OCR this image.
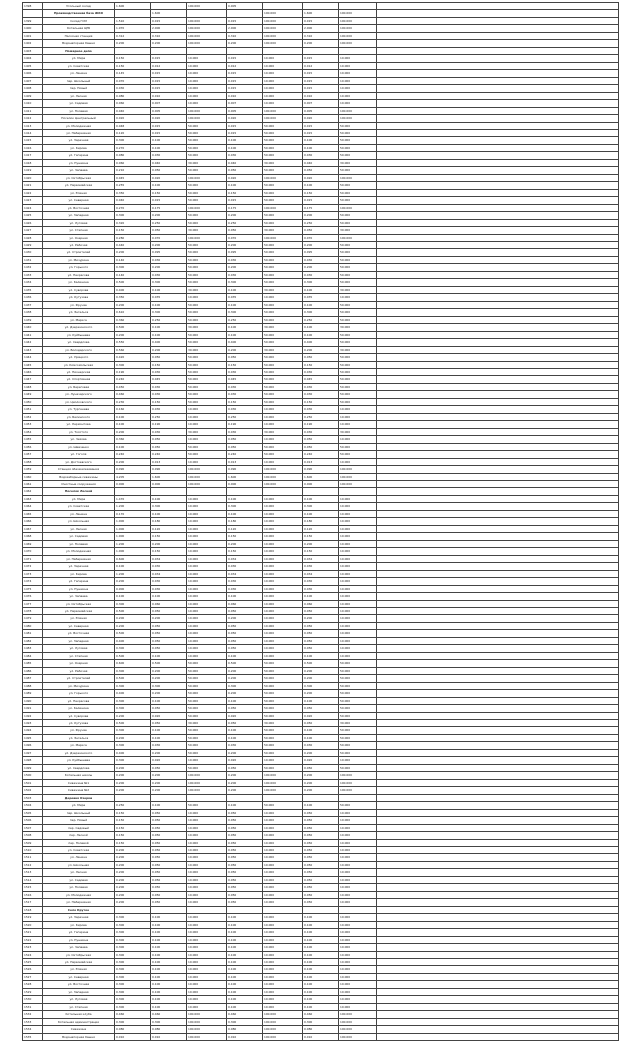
1398	Угольный склад	1.600		100.000	0.005				
	Производственная база ЖКХ		1.600			100.000	1.600	100.000	
1399	Склад ГСМ	1.510	0.015	100.000	0.015	100.000	0.015	100.000	
1400	Котельная ЦРБ	1.970	2.000	100.000	2.000	100.000	2.000	100.000	
1401	Насосная станция	0.312	0.310	100.000	0.310	100.000	0.310	100.000	
1402	Водонапорная башня	0.200	0.200	100.000	0.200	100.000	0.200	100.000	
1403	Пожарное депо								
1404	ул. Мира	0.150	0.015	10.000	0.015	10.000	0.015	10.000	
1405	ул. Советская	0.150	0.012	10.000	0.012	10.000	0.012	10.000	
1406	ул. Ленина	0.145	0.015	10.000	0.015	10.000	0.015	10.000	
1407	пер. Школьный	0.070	0.015	10.000	0.015	10.000	0.015	10.000	
1408	пер. Новый	0.030	0.015	10.000	0.015	10.000	0.015	10.000	
1409	ул. Лесная	0.080	0.010	10.000	0.010	10.000	0.010	10.000	
1410	ул. Садовая	0.060	0.007	10.000	0.007	10.000	0.007	10.000	
1411	ул. Полевая	0.040	0.005	100.000	0.005	100.000	0.005	100.000	
1412	Поселок Центральный	0.020	0.020	100.000	0.020	100.000	0.020	100.000	
1413	ул. Молодежная	0.048	0.015	50.000	0.015	50.000	0.015	50.000	
1414	ул. Набережная	0.120	0.015	50.000	0.015	50.000	0.015	50.000	
1415	ул. Заречная	0.300	0.100	50.000	0.100	50.000	0.100	50.000	
1416	ул. Кирова	0.270	0.100	50.000	0.100	50.000	0.100	50.000	
1417	ул. Гагарина	0.080	0.030	50.000	0.030	50.000	0.030	50.000	
1418	ул. Пушкина	0.060	0.040	30.000	0.040	30.000	0.040	30.000	
1419	ул. Чапаева	0.210	0.050	50.000	0.050	50.000	0.050	50.000	
1420	ул. Октябрьская	0.045	0.020	100.000	0.020	100.000	0.020	100.000	
1421	ул. Первомайская	0.255	0.100	50.000	0.100	50.000	0.100	50.000	
1422	ул. Южная	0.350	0.150	50.000	0.150	50.000	0.150	50.000	
1423	ул. Северная	0.040	0.015	50.000	0.015	50.000	0.015	50.000	
1424	ул. Восточная	0.270	0.175	100.000	0.175	100.000	0.175	100.000	
1425	ул. Западная	0.300	0.200	50.000	0.200	50.000	0.200	50.000	
1426	ул. Луговая	0.320	0.250	50.000	0.250	50.000	0.250	50.000	
1427	ул. Степная	0.150	0.050	30.000	0.050	30.000	0.050	30.000	
1428	ул. Озерная	0.280	0.070	100.000	0.070	100.000	0.070	100.000	
1429	ул. Рабочая	0.440	0.200	50.000	0.200	50.000	0.200	50.000	
1430	ул. Строителей	0.200	0.095	50.000	0.095	50.000	0.095	50.000	
1431	ул. Мичурина	0.140	0.030	50.000	0.030	50.000	0.030	50.000	
1432	ул. Горького	0.300	0.200	50.000	0.200	50.000	0.200	50.000	
1433	ул. Некрасова	0.140	0.030	50.000	0.030	50.000	0.030	50.000	
1434	ул. Калинина	0.500	0.300	50.000	0.300	50.000	0.300	50.000	
1435	ул. Суворова	0.400	0.100	30.000	0.100	30.000	0.100	30.000	
1436	ул. Кутузова	0.350	0.035	10.000	0.035	10.000	0.035	10.000	
1437	ул. Фрунзе	0.200	0.100	50.000	0.100	50.000	0.100	50.000	
1438	ул. Энгельса	0.610	0.300	50.000	0.300	50.000	0.300	50.000	
1439	ул. Маркса	0.360	0.250	50.000	0.250	50.000	0.250	50.000	
1440	ул. Дзержинского	0.500	0.100	30.000	0.100	30.000	0.100	30.000	
1441	ул. Куйбышева	0.200	0.100	50.000	0.100	50.000	0.100	50.000	
1442	ул. Свердлова	0.550	0.400	50.000	0.400	50.000	0.400	50.000	
1443	ул. Володарского	0.560	0.200	30.000	0.200	30.000	0.200	30.000	
1444	ул. Урицкого	0.420	0.050	50.000	0.050	50.000	0.050	50.000	
1445	ул. Комсомольская	0.300	0.150	50.000	0.150	50.000	0.150	50.000	
1446	ул. Пионерская	0.190	0.030	50.000	0.030	50.000	0.030	50.000	
1447	ул. Спортивная	0.240	0.045	50.000	0.045	50.000	0.045	50.000	
1448	ул. Береговая	0.450	0.030	50.000	0.030	50.000	0.030	50.000	
1449	ул. Луначарского	0.460	0.030	50.000	0.030	50.000	0.030	50.000	
1450	ул. Циолковского	0.230	0.150	50.000	0.150	50.000	0.150	50.000	
1451	ул. Тургенева	0.160	0.030	10.000	0.030	10.000	0.030	10.000	
1452	ул. Белинского	0.100	0.250	10.000	0.250	10.000	0.250	10.000	
1453	ул. Лермонтова	0.100	0.190	10.000	0.190	10.000	0.190	10.000	
1454	ул. Толстого	0.200	0.030	30.000	0.030	30.000	0.030	30.000	
1455	ул. Чехова	0.360	0.050	10.000	0.050	10.000	0.050	10.000	
1456	ул. Шевченко	0.100	0.050	50.000	0.050	50.000	0.050	50.000	
1457	ул. Гоголя	0.240	0.240	50.000	0.240	50.000	0.240	50.000	
1458	ул. Достоевского	0.200	0.013	10.000	0.013	10.000	0.013	10.000	
1459	Станция обезжелезивания	0.090	0.090	100.000	0.090	100.000	0.090	100.000	
1460	Водозаборные скважины	4.205	1.600	100.000	1.600	100.000	1.600	100.000	
1461	Очистные сооружения	0.000	0.000	100.000	0.000	100.000	0.000	100.000	
1462	Поселок Лесной								
1463	ул. Мира	1.470	0.100	10.000	0.100	10.000	0.100	10.000	
1464	ул. Советская	1.200	0.300	10.000	0.300	10.000	0.300	10.000	
1465	ул. Ленина	0.170	0.100	10.000	0.100	10.000	0.100	10.000	
1466	ул. Школьная	1.000	0.180	10.000	0.180	10.000	0.180	10.000	
1467	ул. Лесная	1.000	0.120	10.000	0.120	10.000	0.120	10.000	
1468	ул. Садовая	1.000	0.150	10.000	0.150	10.000	0.150	10.000	
1469	ул. Полевая	1.200	0.200	10.000	0.200	10.000	0.200	10.000	
1470	ул. Молодежная	1.000	0.150	10.000	0.150	10.000	0.150	10.000	
1471	ул. Набережная	0.600	0.034	10.000	0.034	10.000	0.034	10.000	
1472	ул. Заречная	0.100	0.030	10.000	0.030	10.000	0.030	10.000	
1473	ул. Кирова	1.200	0.034	10.000	0.034	10.000	0.034	10.000	
1474	ул. Гагарина	0.200	0.030	10.000	0.030	10.000	0.030	10.000	
1475	ул. Пушкина	0.900	0.030	10.000	0.030	10.000	0.030	10.000	
1476	ул. Чапаева	0.100	0.100	10.000	0.100	10.000	0.100	10.000	
1477	ул. Октябрьская	0.300	0.060	10.000	0.060	10.000	0.060	10.000	
1478	ул. Первомайская	0.500	0.050	10.000	0.050	10.000	0.050	10.000	
1479	ул. Южная	0.200	0.200	10.000	0.200	10.000	0.200	10.000	
1480	ул. Северная	0.200	0.050	10.000	0.050	10.000	0.050	10.000	
1481	ул. Восточная	0.500	0.050	10.000	0.050	10.000	0.050	10.000	
1482	ул. Западная	0.400	0.050	10.000	0.050	10.000	0.050	10.000	
1483	ул. Луговая	0.300	0.050	10.000	0.050	10.000	0.050	10.000	
1484	ул. Степная	0.500	0.100	10.000	0.100	10.000	0.100	10.000	
1485	ул. Озерная	0.600	0.500	50.000	0.500	50.000	0.500	50.000	
1486	ул. Рабочая	0.300	0.200	50.000	0.200	50.000	0.200	50.000	
1487	ул. Строителей	0.500	0.200	50.000	0.200	50.000	0.200	50.000	
1488	ул. Мичурина	0.300	0.300	50.000	0.300	50.000	0.300	50.000	
1489	ул. Горького	0.400	0.200	50.000	0.200	50.000	0.200	50.000	
1490	ул. Некрасова	0.300	0.100	50.000	0.100	50.000	0.100	50.000	
1491	ул. Калинина	0.300	0.050	50.000	0.050	50.000	0.050	50.000	
1492	ул. Суворова	0.200	0.020	50.000	0.020	50.000	0.020	50.000	
1493	ул. Кутузова	0.500	0.050	30.000	0.050	30.000	0.050	30.000	
1494	ул. Фрунзе	0.300	0.100	50.000	0.100	50.000	0.100	50.000	
1495	ул. Энгельса	0.200	0.100	50.000	0.100	50.000	0.100	50.000	
1496	ул. Маркса	0.300	0.030	50.000	0.030	50.000	0.030	50.000	
1497	ул. Дзержинского	0.400	0.200	50.000	0.200	50.000	0.200	50.000	
1498	ул. Куйбышева	0.300	0.020	10.000	0.020	10.000	0.020	10.000	
1499	ул. Свердлова	0.200	0.050	50.000	0.050	50.000	0.050	50.000	
1500	Котельная школы	0.200	0.200	100.000	0.200	100.000	0.200	100.000	
1501	Скважина №1	0.200	0.200	100.000	0.200	100.000	0.200	100.000	
1502	Скважина №2	0.200	0.200	100.000	0.200	100.000	0.200	100.000	
1503	Деревня Озерки								
1504	ул. Мира	0.250	0.100	50.000	0.100	50.000	0.100	50.000	
1505	пер. Школьный	0.150	0.050	10.000	0.050	10.000	0.050	10.000	
1506	пер. Новый	0.150	0.050	10.000	0.050	10.000	0.050	10.000	
1507	пер. Садовый	0.150	0.050	10.000	0.050	10.000	0.050	10.000	
1508	пер. Лесной	0.150	0.050	10.000	0.050	10.000	0.050	10.000	
1509	пер. Полевой	0.150	0.050	10.000	0.050	10.000	0.050	10.000	
1510	ул. Советская	0.200	0.050	10.000	0.050	10.000	0.050	10.000	
1511	ул. Ленина	0.200	0.050	10.000	0.050	10.000	0.050	10.000	
1512	ул. Школьная	0.200	0.050	10.000	0.050	10.000	0.050	10.000	
1513	ул. Лесная	0.200	0.050	10.000	0.050	10.000	0.050	10.000	
1514	ул. Садовая	0.200	0.050	10.000	0.050	10.000	0.050	10.000	
1515	ул. Полевая	0.200	0.050	10.000	0.050	10.000	0.050	10.000	
1516	ул. Молодежная	0.200	0.050	10.000	0.050	10.000	0.050	10.000	
1517	ул. Набережная	0.200	0.050	10.000	0.050	10.000	0.050	10.000	
1518	Село Крутое								
1519	ул. Заречная	0.300	0.100	10.000	0.100	10.000	0.100	10.000	
1520	ул. Кирова	0.300	0.100	10.000	0.100	10.000	0.100	10.000	
1521	ул. Гагарина	0.300	0.100	10.000	0.100	10.000	0.100	10.000	
1522	ул. Пушкина	0.300	0.100	10.000	0.100	10.000	0.100	10.000	
1523	ул. Чапаева	0.300	0.100	10.000	0.100	10.000	0.100	10.000	
1524	ул. Октябрьская	0.300	0.100	10.000	0.100	10.000	0.100	10.000	
1525	ул. Первомайская	0.300	0.100	10.000	0.100	10.000	0.100	10.000	
1526	ул. Южная	0.300	0.100	10.000	0.100	10.000	0.100	10.000	
1527	ул. Северная	0.300	0.100	10.000	0.100	10.000	0.100	10.000	
1528	ул. Восточная	0.300	0.100	10.000	0.100	10.000	0.100	10.000	
1529	ул. Западная	0.300	0.100	10.000	0.100	10.000	0.100	10.000	
1530	ул. Луговая	0.300	0.100	10.000	0.100	10.000	0.100	10.000	
1531	ул. Степная	0.300	0.100	10.000	0.100	10.000	0.100	10.000	
1532	Котельная клуба	0.460	0.460	100.000	0.460	100.000	0.460	100.000	
1533	Котельная администрации	0.300	0.300	100.000	0.300	100.000	0.300	100.000	
1534	Скважина	0.080	0.080	100.000	0.080	100.000	0.080	100.000	
1535	Водонапорная башня	0.010	0.010	100.000	0.010	100.000	0.010	100.000	
